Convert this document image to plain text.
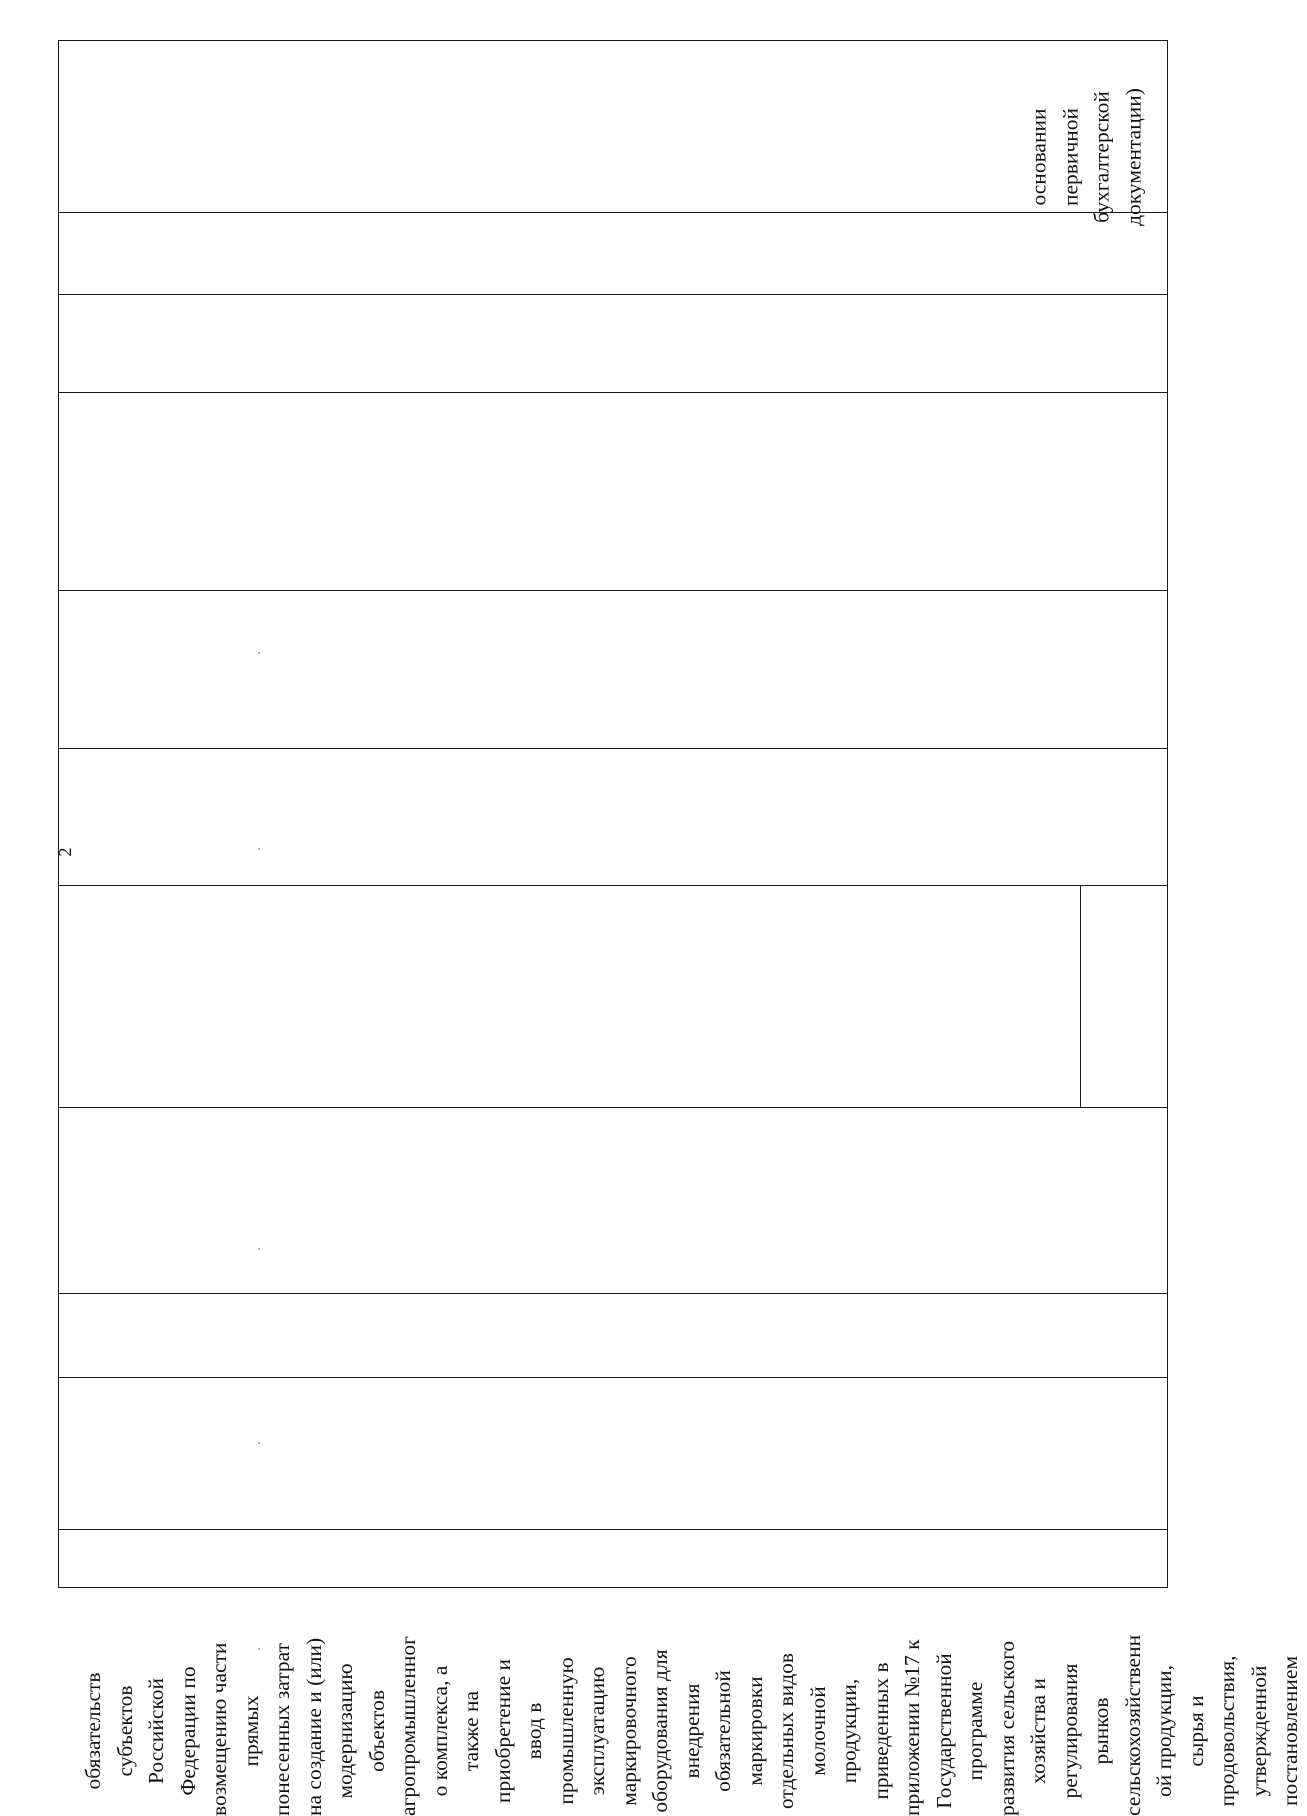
2
основании первичной бухгалтерской документации)
обязательств субъектов Российской Федерации по возмещению части прямых понесенных затрат на создание и (или) модернизацию объектов агропромышленног о комплекса, а также на приобретение и ввод в промышленную эксплуатацию маркировочного оборудования для внедрения обязательной маркировки отдельных видов молочной продукции, приведенных в приложении №17 к Государственной программе развития сельского хозяйства и регулирования рынков сельскохозяйственн ой продукции, сырья и продовольствия, утвержденной постановлением
